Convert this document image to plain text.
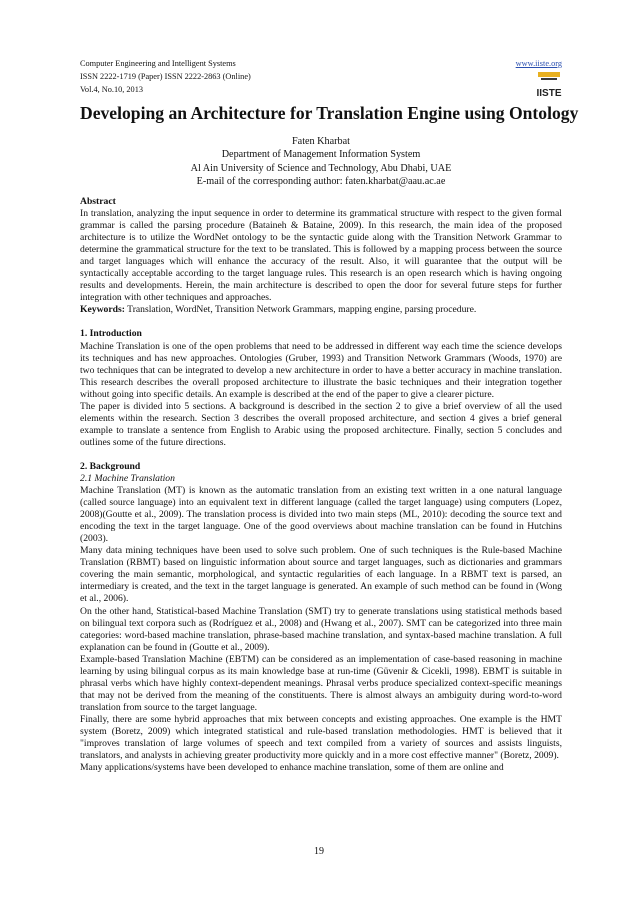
Computer Engineering and Intelligent Systems
ISSN 2222-1719 (Paper) ISSN 2222-2863 (Online)
Vol.4, No.10, 2013
www.iiste.org
IISTE
Developing an Architecture for Translation Engine using Ontology
Faten Kharbat
Department of Management Information System
Al Ain University of Science and Technology, Abu Dhabi, UAE
E-mail of the corresponding author: faten.kharbat@aau.ac.ae

Abstract

In translation, analyzing the input sequence in order to determine its grammatical structure with respect to the given formal grammar is called the parsing procedure (Bataineh & Bataine, 2009). In this research, the main idea of the proposed architecture is to utilize the WordNet ontology to be the syntactic guide along with the Transition Network Grammar to determine the grammatical structure for the text to be translated. This is followed by a mapping process between the source and target languages which will enhance the accuracy of the result. Also, it will guarantee that the output will be syntactically acceptable according to the target language rules. This research is an open research which is having ongoing results and developments. Herein, the main architecture is described to open the door for several future steps for further integration with other techniques and approaches.

Keywords: Translation, WordNet, Transition Network Grammars, mapping engine, parsing procedure.

1. Introduction

Machine Translation is one of the open problems that need to be addressed in different way each time the science develops its techniques and has new approaches. Ontologies (Gruber, 1993) and Transition Network Grammars (Woods, 1970) are two techniques that can be integrated to develop a new architecture in order to have a better accuracy in machine translation. This research describes the overall proposed architecture to illustrate the basic techniques and their integration together without going into specific details. An example is described at the end of the paper to give a clearer picture.

The paper is divided into 5 sections. A background is described in the section 2 to give a brief overview of all the used elements within the research. Section 3 describes the overall proposed architecture, and section 4 gives a brief general example to translate a sentence from English to Arabic using the proposed architecture. Finally, section 5 concludes and outlines some of the future directions.

2. Background

2.1 Machine Translation

Machine Translation (MT) is known as the automatic translation from an existing text written in a one natural language (called source language) into an equivalent text in different language (called the target language) using computers (Lopez, 2008)(Goutte et al., 2009). The translation process is divided into two main steps (ML, 2010): decoding the source text and encoding the text in the target language. One of the good overviews about machine translation can be found in Hutchins (2003).

Many data mining techniques have been used to solve such problem. One of such techniques is the Rule-based Machine Translation (RBMT) based on linguistic information about source and target languages, such as dictionaries and grammars covering the main semantic, morphological, and syntactic regularities of each language. In a RBMT text is parsed, an intermediary is created, and the text in the target language is generated. An example of such method can be found in (Wong et al., 2006).

On the other hand, Statistical-based Machine Translation (SMT) try to generate translations using statistical methods based on bilingual text corpora such as (Rodríguez et al., 2008) and (Hwang et al., 2007). SMT can be categorized into three main categories: word-based machine translation, phrase-based machine translation, and syntax-based machine translation. A full explanation can be found in (Goutte et al., 2009).

Example-based Translation Machine (EBTM) can be considered as an implementation of case-based reasoning in machine learning by using bilingual corpus as its main knowledge base at run-time (Güvenir & Cicekli, 1998). EBMT is suitable in phrasal verbs which have highly context-dependent meanings. Phrasal verbs produce specialized context-specific meanings that may not be derived from the meaning of the constituents. There is almost always an ambiguity during word-to-word translation from source to the target language.

Finally, there are some hybrid approaches that mix between concepts and existing approaches. One example is the HMT system (Boretz, 2009) which integrated statistical and rule-based translation methodologies. HMT is believed that it "improves translation of large volumes of speech and text compiled from a variety of sources and assists linguists, translators, and analysts in achieving greater productivity more quickly and in a more cost effective manner" (Boretz, 2009).

Many applications/systems have been developed to enhance machine translation, some of them are online and

19
